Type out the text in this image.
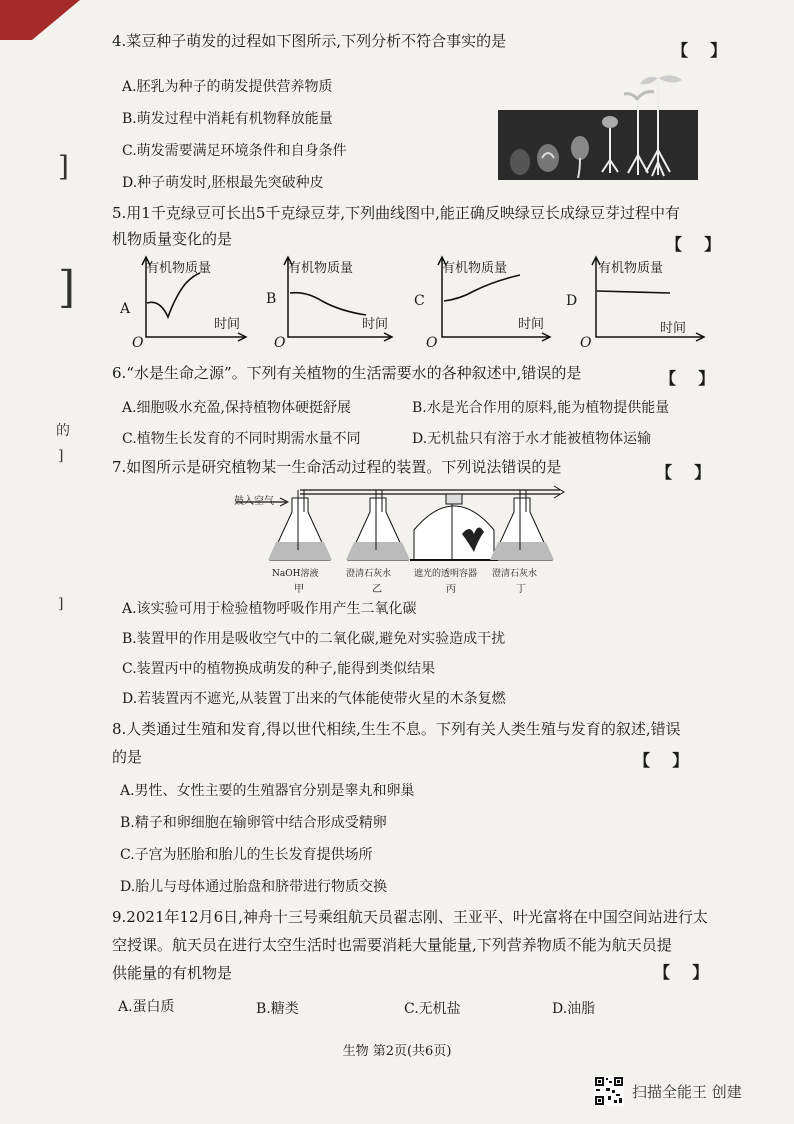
]
]
的
]
]
4.菜豆种子萌发的过程如下图所示,下列分析不符合事实的是	【    】
A.胚乳为种子的萌发提供营养物质
B.萌发过程中消耗有机物释放能量
C.萌发需要满足环境条件和自身条件
D.种子萌发时,胚根最先突破种皮
5.用1千克绿豆可长出5千克绿豆芽,下列曲线图中,能正确反映绿豆长成绿豆芽过程中有
机物质量变化的是	【    】
A
有机物质量
时间
O
B
有机物质量
时间
O
C
有机物质量
时间
O
D
有机物质量
时间
O
6.“水是生命之源”。下列有关植物的生活需要水的各种叙述中,错误的是	【    】
A.细胞吸水充盈,保持植物体硬挺舒展	B.水是光合作用的原料,能为植物提供能量
C.植物生长发育的不同时期需水量不同	D.无机盐只有溶于水才能被植物体运输
7.如图所示是研究植物某一生命活动过程的装置。下列说法错误的是	【    】
鼓入空气
NaOH溶液	澄清石灰水	遮光的透明容器 澄清石灰水
甲	乙	丙	丁
A.该实验可用于检验植物呼吸作用产生二氧化碳
B.装置甲的作用是吸收空气中的二氧化碳,避免对实验造成干扰
C.装置丙中的植物换成萌发的种子,能得到类似结果
D.若装置丙不遮光,从装置丁出来的气体能使带火星的木条复燃
8.人类通过生殖和发育,得以世代相续,生生不息。下列有关人类生殖与发育的叙述,错误
的是	【    】
A.男性、女性主要的生殖器官分别是睾丸和卵巢
B.精子和卵细胞在输卵管中结合形成受精卵
C.子宫为胚胎和胎儿的生长发育提供场所
D.胎儿与母体通过胎盘和脐带进行物质交换
9.2021年12月6日,神舟十三号乘组航天员翟志刚、王亚平、叶光富将在中国空间站进行太
空授课。航天员在进行太空生活时也需要消耗大量能量,下列营养物质不能为航天员提
供能量的有机物是	【    】
A.蛋白质	B.糖类	C.无机盐	D.油脂
生物 第2页(共6页)
扫描全能王 创建
